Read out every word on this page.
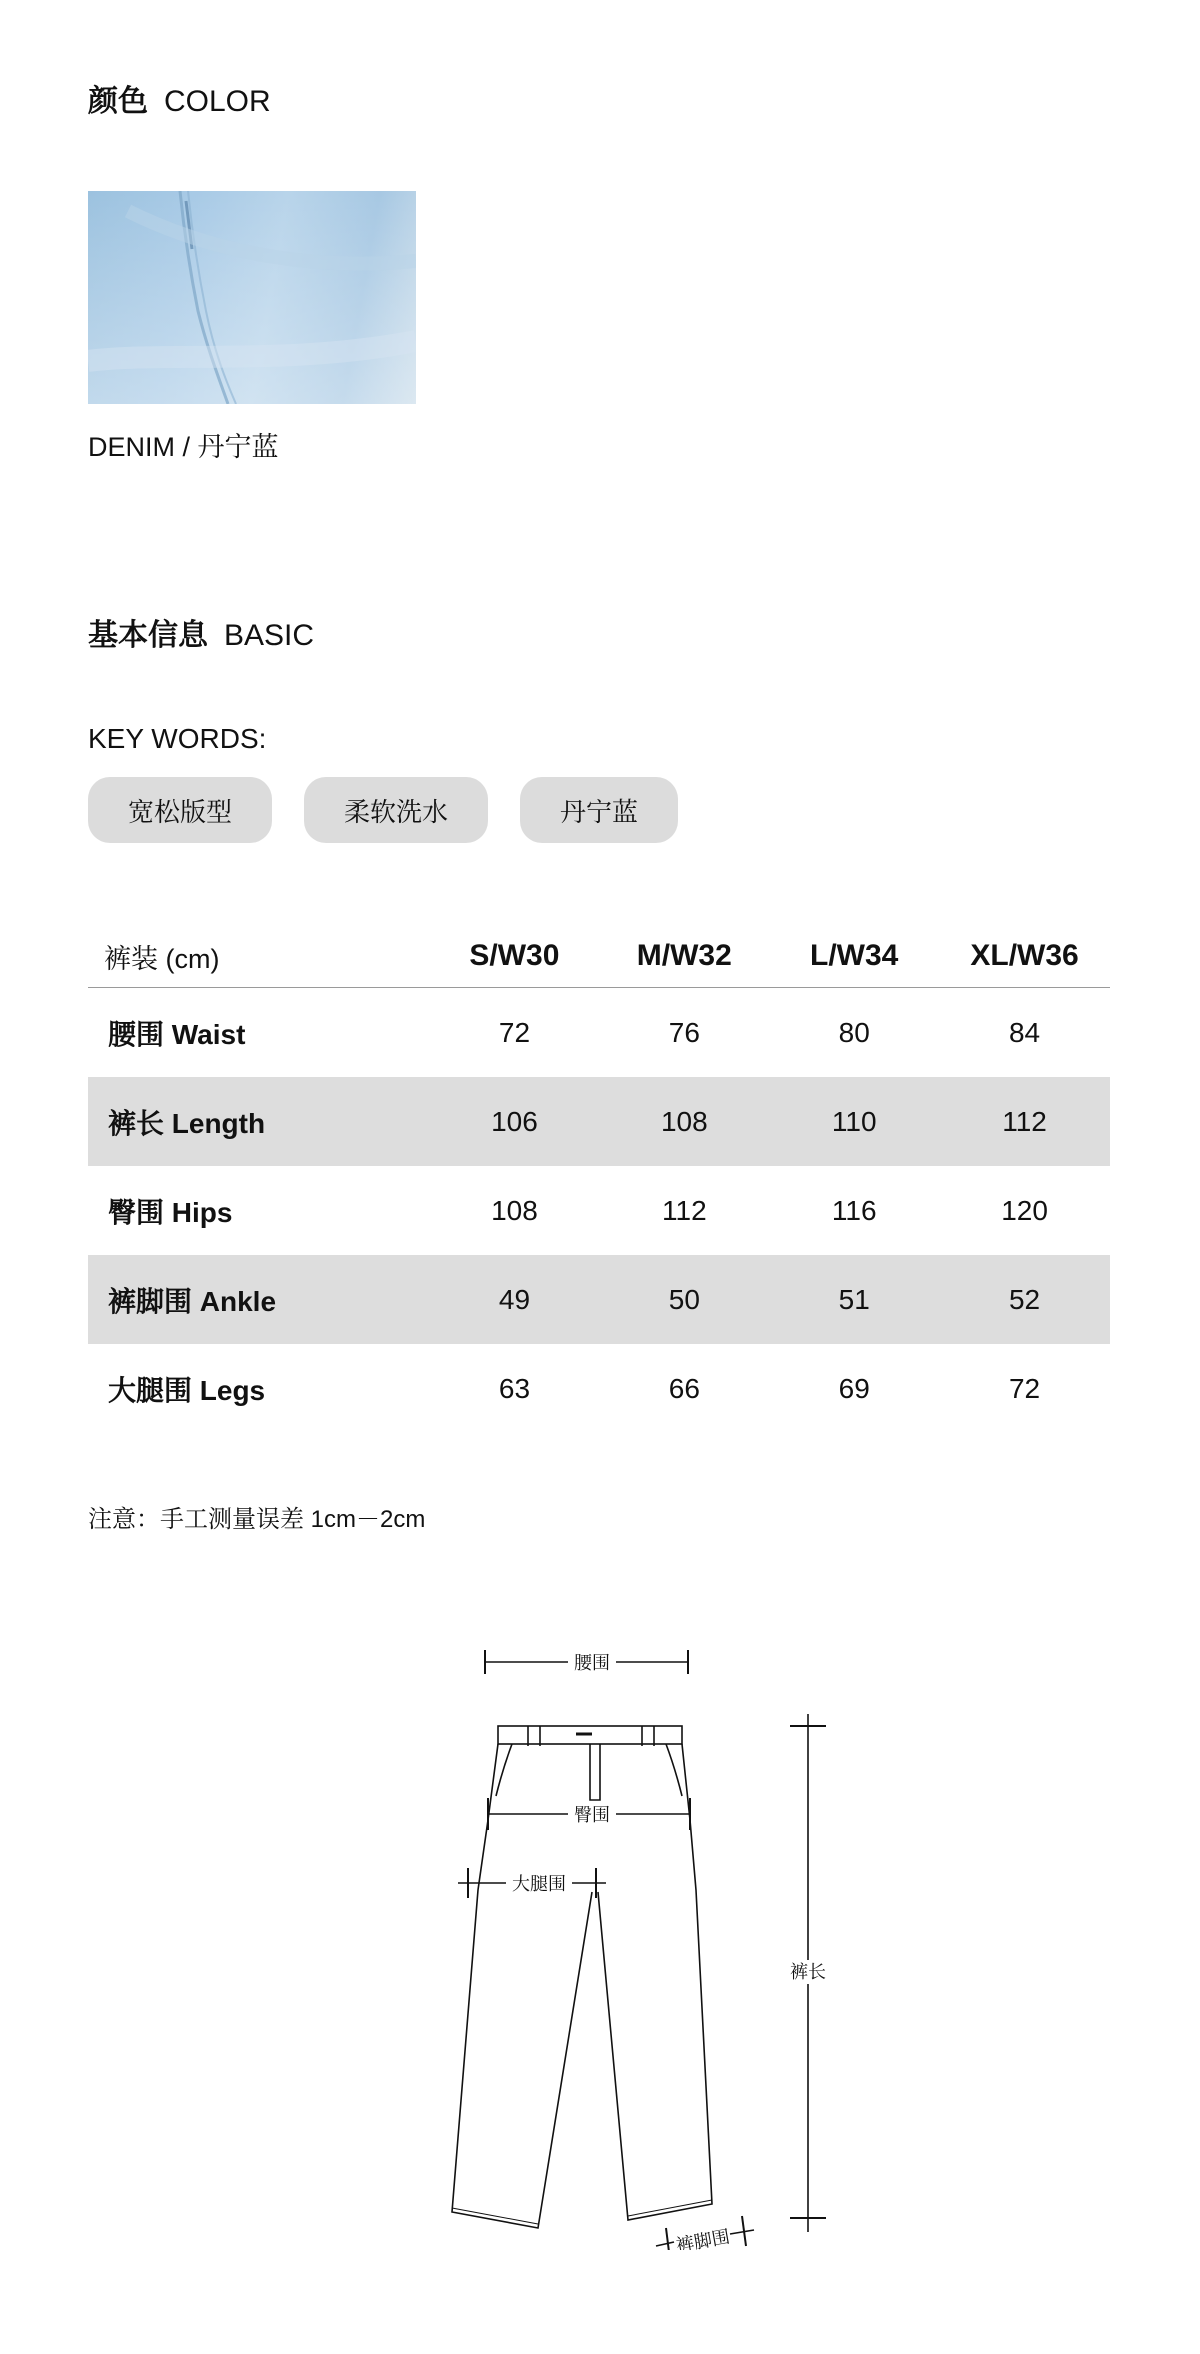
颜色 COLOR
DENIM / 丹宁蓝
基本信息 BASIC
KEY WORDS:
宽松版型	柔软洗水	丹宁蓝
裤装 (cm)	S/W30	M/W32	L/W34	XL/W36
腰围 Waist	72	76	80	84
裤长 Length	106	108	110	112
臀围 Hips	108	112	116	120
裤脚围 Ankle	49	50	51	52
大腿围 Legs	63	66	69	72
注意：手工测量误差 1cm－2cm
腰围
臀围
大腿围
裤长
裤脚围
